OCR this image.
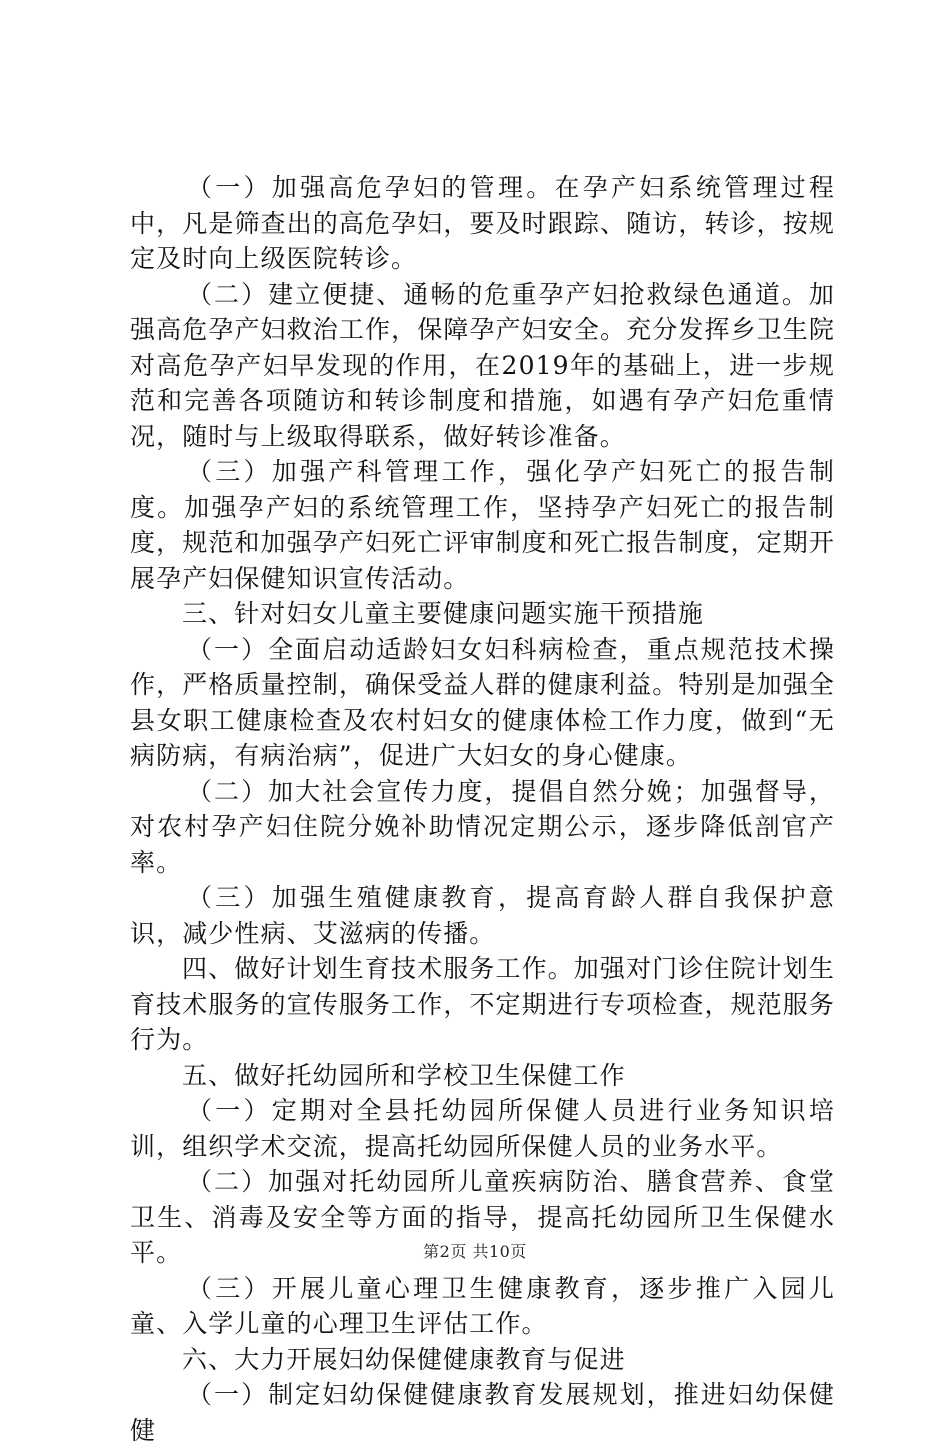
（一）加强高危孕妇的管理。在孕产妇系统管理过程中，凡是筛查出的高危孕妇，要及时跟踪、随访，转诊，按规定及时向上级医院转诊。

（二）建立便捷、通畅的危重孕产妇抢救绿色通道。加强高危孕产妇救治工作，保障孕产妇安全。充分发挥乡卫生院对高危孕产妇早发现的作用，在2019年的基础上，进一步规范和完善各项随访和转诊制度和措施，如遇有孕产妇危重情况，随时与上级取得联系，做好转诊准备。

（三）加强产科管理工作，强化孕产妇死亡的报告制度。加强孕产妇的系统管理工作，坚持孕产妇死亡的报告制度，规范和加强孕产妇死亡评审制度和死亡报告制度，定期开展孕产妇保健知识宣传活动。

三、针对妇女儿童主要健康问题实施干预措施

（一）全面启动适龄妇女妇科病检查，重点规范技术操作，严格质量控制，确保受益人群的健康利益。特别是加强全县女职工健康检查及农村妇女的健康体检工作力度，做到“无病防病，有病治病”，促进广大妇女的身心健康。

（二）加大社会宣传力度，提倡自然分娩；加强督导，对农村孕产妇住院分娩补助情况定期公示，逐步降低剖官产率。

（三）加强生殖健康教育，提高育龄人群自我保护意识，减少性病、艾滋病的传播。

四、做好计划生育技术服务工作。加强对门诊住院计划生育技术服务的宣传服务工作，不定期进行专项检查，规范服务行为。

五、做好托幼园所和学校卫生保健工作

（一）定期对全县托幼园所保健人员进行业务知识培训，组织学术交流，提高托幼园所保健人员的业务水平。

（二）加强对托幼园所儿童疾病防治、膳食营养、食堂卫生、消毒及安全等方面的指导，提高托幼园所卫生保健水平。

（三）开展儿童心理卫生健康教育，逐步推广入园儿童、入学儿童的心理卫生评估工作。

六、大力开展妇幼保健健康教育与促进

（一）制定妇幼保健健康教育发展规划，推进妇幼保健健

第2页 共10页
